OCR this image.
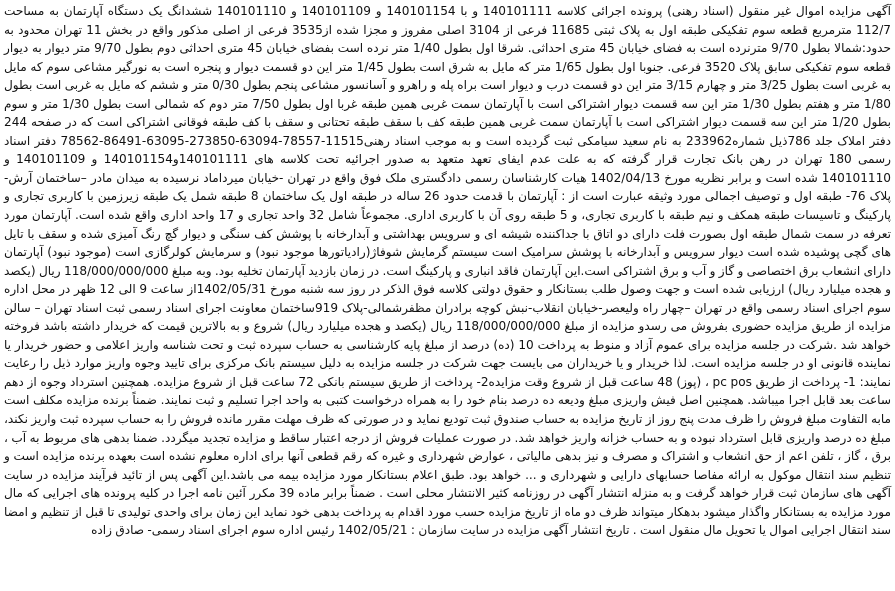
آگهی مزایده اموال غیر منقول (اسناد رهنی) پرونده اجرائی کلاسه 140101111 و با 140101154 و 140101109 و 140101110 ششدانگ یک دستگاه آپارتمان به مساحت 112/7 مترمربع قطعه سوم تفکیکی طبقه اول به پلاک ثبتی 11685 فرعی از 3104 اصلی مفروز و مجزا شده از3535 فرعی از اصلی مذکور واقع در بخش 11 تهران محدود به حدود:شمالا بطول 9/70 مترنرده است به فضای خیابان 45 متری احداثی. شرقا اول بطول 1/40 متر نرده است بفضای خیابان 45 متری احداثی دوم بطول 9/70 متر دیوار به دیوار قطعه سوم تفکیکی سابق پلاک 3520 فرعی. جنوبا اول بطول 1/65 متر که مایل به شرق است بطول 1/45 متر این دو قسمت دیوار و پنجره است به نورگیر مشاعی سوم که مایل به غربی است بطول 3/25 متر و چهارم 3/15 متر این دو قسمت درب و دیوار است براه پله و راهرو و آسانسور مشاعی پنجم بطول 0/30 متر و ششم که مایل به غربی است بطول 1/80 متر و هفتم بطول 1/30 متر این سه قسمت دیوار اشتراکی است با آپارتمان سمت غربی همین طبقه غربا اول بطول 7/50 متر دوم که شمالی است بطول 1/30 متر و سوم بطول 1/20 متر این سه قسمت دیوار اشتراکی است با آپارتمان سمت غربی همین طبقه کف با سقف طبقه تحتانی و سقف با کف طبقه فوقانی اشتراکی است که در صفحه 244 دفتر املاک جلد 786ذیل شماره233962 به نام سعید سیامکی ثبت گردیده است و به موجب اسناد رهنی11515-78557-63094-273850-63095-86491-78562 دفتر اسناد رسمی 180 تهران در رهن بانک تجارت قرار گرفته که به علت عدم ایفای تعهد متعهد به صدور اجرائیه تحت کلاسه های 140101111و140101154 و 140101109 و 140101110 شده است و برابر نظریه مورخ 1402/04/13 هیات کارشناسان رسمی دادگستری ملک فوق واقع در تهران -خیابان میرداماد نرسیده به میدان مادر –ساختمان آرش- پلاک 76- طبقه اول و توصیف اجمالی مورد وثیقه عبارت است از : آپارتمان با قدمت حدود 26 ساله در طبقه اول یک ساختمان 8 طبقه شمل یک طبقه زیرزمین با کاربری تجاری و پارکینگ و تاسیسات طبقه همکف و نیم طبقه با کاربری تجاری، و 5 طبقه روی آن با کاربری اداری. مجموعاً شامل 32 واحد تجاری و 17 واحد اداری واقع شده است. آپارتمان مورد تعرفه در سمت شمال طبقه اول بصورت فلت دارای دو اتاق با جداکننده شیشه ای و سرویس بهداشتی و آبدارخانه با پوشش کف سنگی و دیوار گچ رنگ آمیزی شده و سقف با تایل های گچی پوشیده شده است دیوار سرویس و آبدارخانه با پوشش سرامیک است سیستم گرمایش شوفاژ(رادیاتورها موجود نبود) و سرمایش کولرگازی است (موجود نبود) آپارتمان دارای انشعاب برق اختصاصی و گاز و آب و برق اشتراکی است.این آپارتمان فاقد انباری و پارکینگ است. در زمان بازدید آپارتمان تخلیه بود. وبه مبلغ 118/000/000/000 ریال (یکصد و هجده میلیارد ریال) ارزیابی شده است و جهت وصول طلب بستانکار و حقوق دولتی کلاسه فوق الذکر در روز سه شنبه مورخ 1402/05/31از ساعت 9 الی 12 ظهر در محل اداره سوم اجرای اسناد رسمی واقع در تهران –چهار راه ولیعصر-خیابان انقلاب-نبش کوچه برادران مظفرشمالی-پلاک 919ساختمان معاونت اجرای اسناد رسمی ثبت اسناد تهران – سالن مزایده از طریق مزایده حضوری بفروش می رسدو مزایده از مبلغ 118/000/000/000 ریال (یکصد و هجده میلیارد ریال) شروع و به بالاترین قیمت که خریدار داشته باشد فروخته خواهد شد .شرکت در جلسه مزایده برای عموم آزاد و منوط به پرداخت 10 (ده) درصد از مبلغ پایه کارشناسی به حساب سپرده ثبت و تحت شناسه واریز اعلامی و حضور خریدار یا نماینده قانونی او در جلسه مزایده است. لذا خریدار و یا خریداران می بایست جهت شرکت در جلسه مزایده به دلیل سیستم بانک مرکزی برای تایید وجوه واریز موارد ذیل را رعایت نمایند: 1- پرداخت از طریق pc pos ، (پوز) 48 ساعت قبل از شروع وقت مزایده2- پرداخت از طریق سیستم بانکی 72 ساعت قبل از شروع مزایده. همچنین استرداد وجوه از دهم ساعت بعد قابل اجرا میباشد. همچنین اصل فیش واریزی مبلغ ودیعه ده درصد بنام خود را به همراه درخواست کتبی به واحد اجرا تسلیم و ثبت نمایند. ضمناً برنده مزایده مکلف است مابه التفاوت مبلغ فروش را ظرف مدت پنج روز از تاریخ مزایده به حساب صندوق ثبت تودیع نماید و در صورتی که ظرف مهلت مقرر مانده فروش را به حساب سپرده ثبت واریز نکند، مبلغ ده درصد واریزی قابل استرداد نبوده و به حساب خزانه واریز خواهد شد. در صورت عملیات فروش از درجه اعتبار ساقط و مزایده تجدید میگردد. ضمنا بدهی های مربوط به آب ، برق ، گاز ، تلفن اعم از حق انشعاب و اشتراک و مصرف و نیز بدهی مالیاتی ، عوارض شهرداری و غیره که رقم قطعی آنها برای اداره معلوم نشده است بعهده برنده مزایده است و تنظیم سند انتقال موکول به ارائه مفاصا حسابهای دارایی و شهرداری و ... خواهد بود. طبق اعلام بستانکار مورد مزایده بیمه می باشد.این آگهی پس از تائید فرآیند مزایده در سایت آگهی های سازمان ثبت قرار خواهد گرفت و به منزله انتشار آگهی در روزنامه کثیر الانتشار محلی است . ضمناً برابر ماده 39 مکرر آئین نامه اجرا در کلیه پرونده های اجرایی که مال مورد مزایده به بستانکار واگذار میشود بدهکار میتواند ظرف دو ماه از تاریخ مزایده حسب مورد اقدام به پرداخت بدهی خود نماید این زمان برای واحدی تولیدی تا قبل از تنظیم و امضا سند انتقال اجرایی اموال یا تحویل مال منقول است . تاریخ انتشار آگهی مزایده در سایت سازمان : 1402/05/21 رئیس اداره سوم اجرای اسناد رسمی- صادق زاده
